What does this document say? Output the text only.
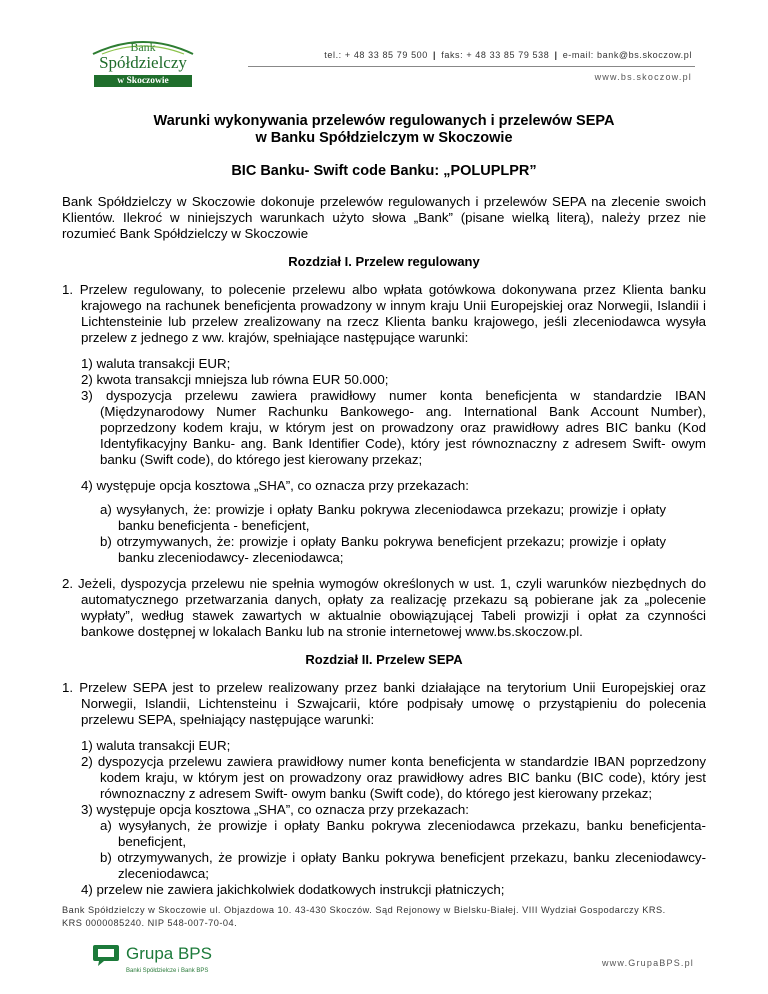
Bank
Spółdzielczy
w Skoczowie
tel.: + 48 33 85 79 500 | faks: + 48 33 85 79 538 | e-mail: bank@bs.skoczow.pl
www.bs.skoczow.pl
Warunki wykonywania przelewów regulowanych i przelewów SEPA
w Banku Spółdzielczym w Skoczowie
BIC Banku- Swift code Banku: „POLUPLPR”

Bank Spółdzielczy w Skoczowie dokonuje przelewów regulowanych i przelewów SEPA na zlecenie swoich Klientów. Ilekroć w niniejszych warunkach użyto słowa „Bank” (pisane wielką literą), należy przez nie rozumieć Bank Spółdzielczy w Skoczowie

Rozdział I. Przelew regulowany

1. Przelew regulowany, to polecenie przelewu albo wpłata gotówkowa dokonywana przez Klienta banku krajowego na rachunek beneficjenta prowadzony w innym kraju Unii Europejskiej oraz Norwegii, Islandii i Lichtensteinie lub przelew zrealizowany na rzecz Klienta banku krajowego, jeśli zleceniodawca wysyła przelew z jednego z ww. krajów, spełniające następujące warunki:

1) waluta transakcji EUR;

2) kwota transakcji mniejsza lub równa EUR 50.000;

3) dyspozycja przelewu zawiera prawidłowy numer konta beneficjenta w standardzie IBAN (Międzynarodowy Numer Rachunku Bankowego- ang. International Bank Account Number), poprzedzony kodem kraju, w którym jest on prowadzony oraz prawidłowy adres BIC banku (Kod Identyfikacyjny Banku- ang. Bank Identifier Code), który jest równoznaczny z adresem Swift- owym banku (Swift code), do którego jest kierowany przekaz;

4) występuje opcja kosztowa „SHA”, co oznacza przy przekazach:

a) wysyłanych, że: prowizje i opłaty Banku pokrywa zleceniodawca przekazu; prowizje i opłaty banku beneficjenta - beneficjent,

b) otrzymywanych, że: prowizje i opłaty Banku pokrywa beneficjent przekazu; prowizje i opłaty banku zleceniodawcy- zleceniodawca;

2. Jeżeli, dyspozycja przelewu nie spełnia wymogów określonych w ust. 1, czyli warunków niezbędnych do automatycznego przetwarzania danych, opłaty za realizację przekazu są pobierane jak za „polecenie wypłaty”, według stawek zawartych w aktualnie obowiązującej Tabeli prowizji i opłat za czynności bankowe dostępnej w lokalach Banku lub na stronie internetowej www.bs.skoczow.pl.

Rozdział II. Przelew SEPA

1. Przelew SEPA jest to przelew realizowany przez banki działające na terytorium Unii Europejskiej oraz Norwegii, Islandii, Lichtensteinu i Szwajcarii, które podpisały umowę o przystąpieniu do polecenia przelewu SEPA, spełniający następujące warunki:

1) waluta transakcji EUR;

2) dyspozycja przelewu zawiera prawidłowy numer konta beneficjenta w standardzie IBAN poprzedzony kodem kraju, w którym jest on prowadzony oraz prawidłowy adres BIC banku (BIC code), który jest równoznaczny z adresem Swift- owym banku (Swift code), do którego jest kierowany przekaz;

3) występuje opcja kosztowa „SHA”, co oznacza przy przekazach:

a) wysyłanych, że prowizje i opłaty Banku pokrywa zleceniodawca przekazu, banku beneficjenta- beneficjent,

b) otrzymywanych, że prowizje i opłaty Banku pokrywa beneficjent przekazu, banku zleceniodawcy- zleceniodawca;

4) przelew nie zawiera jakichkolwiek dodatkowych instrukcji płatniczych;

Bank Spółdzielczy w Skoczowie ul. Objazdowa 10. 43-430 Skoczów. Sąd Rejonowy w Bielsku-Białej. VIII Wydział Gospodarczy KRS.
KRS 0000085240. NIP 548-007-70-04.
Grupa BPS
Banki Spółdzielcze i Bank BPS
www.GrupaBPS.pl
